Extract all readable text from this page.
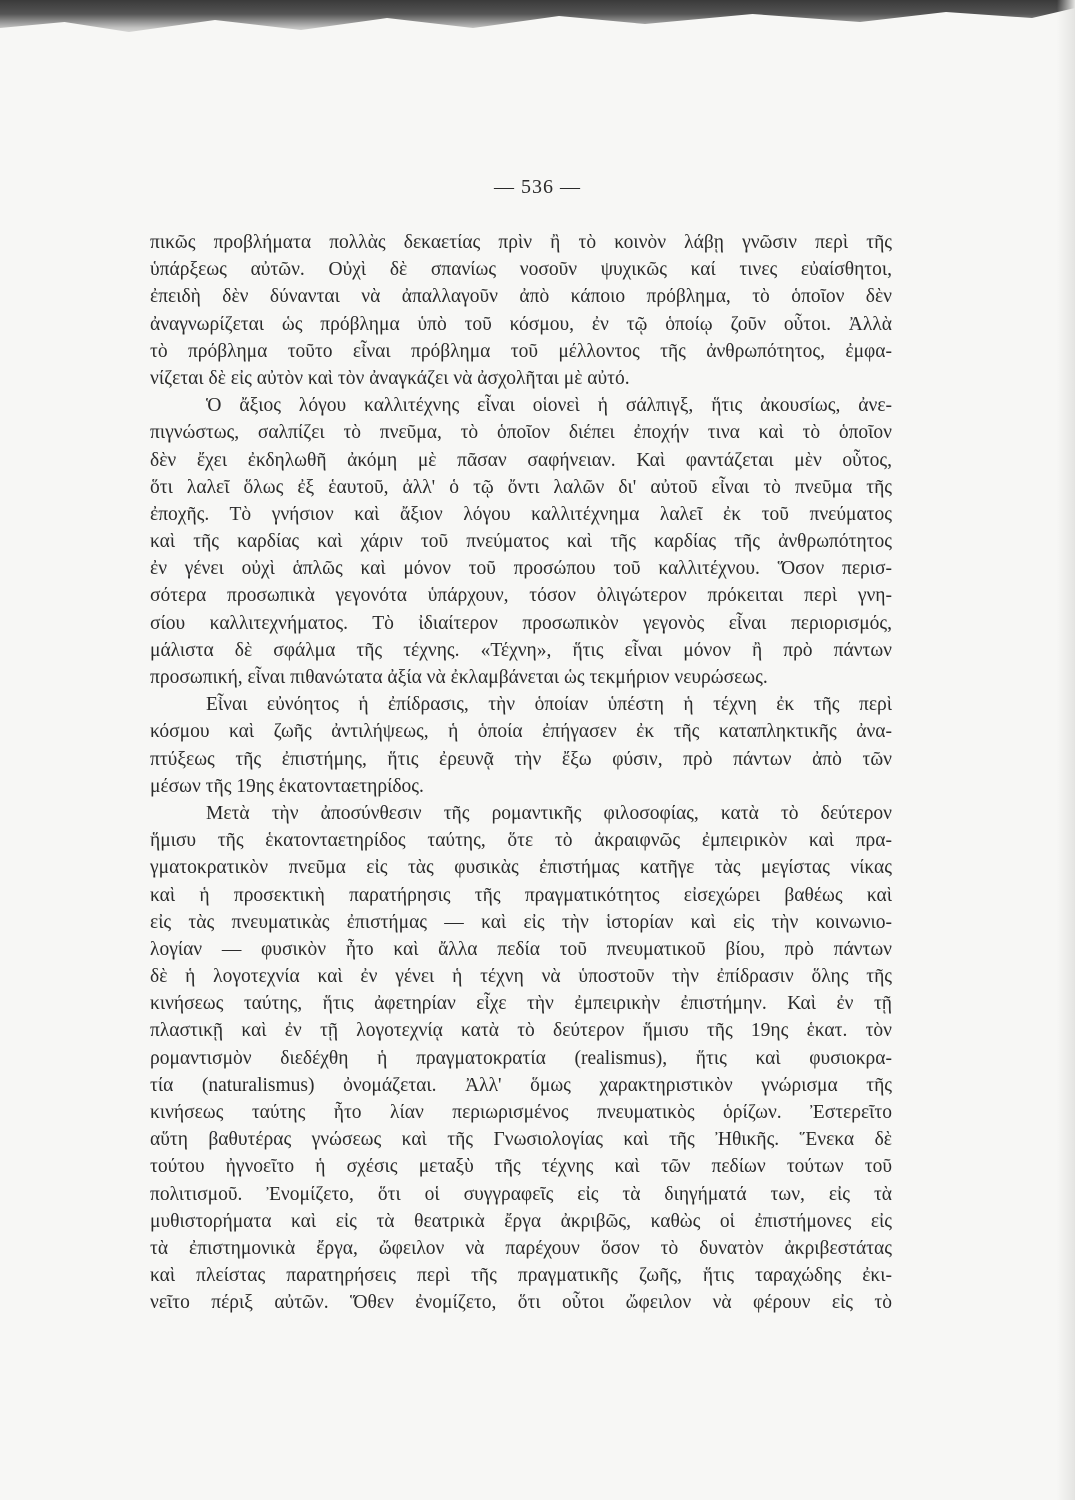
— 536 —
πικῶς προβλήματα πολλὰς δεκαετίας πρὶν ἢ τὸ κοινὸν λάβῃ γνῶσιν περὶ τῆς
ὑπάρξεως αὐτῶν. Οὐχὶ δὲ σπανίως νοσοῦν ψυχικῶς καί τινες εὐαίσθητοι,
ἐπειδὴ δὲν δύνανται νὰ ἀπαλλαγοῦν ἀπὸ κάποιο πρόβλημα, τὸ ὁποῖον δὲν
ἀναγνωρίζεται ὡς πρόβλημα ὑπὸ τοῦ κόσμου, ἐν τῷ ὁποίῳ ζοῦν οὗτοι. Ἀλλὰ
τὸ πρόβλημα τοῦτο εἶναι πρόβλημα τοῦ μέλλοντος τῆς ἀνθρωπότητος, ἐμφα-
νίζεται δὲ εἰς αὐτὸν καὶ τὸν ἀναγκάζει νὰ ἀσχολῆται μὲ αὐτό.
Ὁ ἄξιος λόγου καλλιτέχνης εἶναι οἱονεὶ ἡ σάλπιγξ, ἥτις ἀκουσίως, ἀνε-
πιγνώστως, σαλπίζει τὸ πνεῦμα, τὸ ὁποῖον διέπει ἐποχήν τινα καὶ τὸ ὁποῖον
δὲν ἔχει ἐκδηλωθῆ ἀκόμη μὲ πᾶσαν σαφήνειαν. Καὶ φαντάζεται μὲν οὗτος,
ὅτι λαλεῖ ὅλως ἐξ ἑαυτοῦ, ἀλλ' ὁ τῷ ὄντι λαλῶν δι' αὐτοῦ εἶναι τὸ πνεῦμα τῆς
ἐποχῆς. Τὸ γνήσιον καὶ ἄξιον λόγου καλλιτέχνημα λαλεῖ ἐκ τοῦ πνεύματος
καὶ τῆς καρδίας καὶ χάριν τοῦ πνεύματος καὶ τῆς καρδίας τῆς ἀνθρωπότητος
ἐν γένει οὐχὶ ἁπλῶς καὶ μόνον τοῦ προσώπου τοῦ καλλιτέχνου. Ὅσον περισ-
σότερα προσωπικὰ γεγονότα ὑπάρχουν, τόσον ὀλιγώτερον πρόκειται περὶ γνη-
σίου καλλιτεχνήματος. Τὸ ἰδιαίτερον προσωπικὸν γεγονὸς εἶναι περιορισμός,
μάλιστα δὲ σφάλμα τῆς τέχνης. «Τέχνη», ἥτις εἶναι μόνον ἢ πρὸ πάντων
προσωπική, εἶναι πιθανώτατα ἀξία νὰ ἐκλαμβάνεται ὡς τεκμήριον νευρώσεως.
Εἶναι εὐνόητος ἡ ἐπίδρασις, τὴν ὁποίαν ὑπέστη ἡ τέχνη ἐκ τῆς περὶ
κόσμου καὶ ζωῆς ἀντιλήψεως, ἡ ὁποία ἐπήγασεν ἐκ τῆς καταπληκτικῆς ἀνα-
πτύξεως τῆς ἐπιστήμης, ἥτις ἐρευνᾷ τὴν ἔξω φύσιν, πρὸ πάντων ἀπὸ τῶν
μέσων τῆς 19ης ἑκατονταετηρίδος.
Μετὰ τὴν ἀποσύνθεσιν τῆς ρομαντικῆς φιλοσοφίας, κατὰ τὸ δεύτερον
ἥμισυ τῆς ἑκατονταετηρίδος ταύτης, ὅτε τὸ ἀκραιφνῶς ἐμπειρικὸν καὶ πρα-
γματοκρατικὸν πνεῦμα εἰς τὰς φυσικὰς ἐπιστήμας κατῆγε τὰς μεγίστας νίκας
καὶ ἡ προσεκτικὴ παρατήρησις τῆς πραγματικότητος εἰσεχώρει βαθέως καὶ
εἰς τὰς πνευματικὰς ἐπιστήμας — καὶ εἰς τὴν ἱστορίαν καὶ εἰς τὴν κοινωνιο-
λογίαν — φυσικὸν ἦτο καὶ ἄλλα πεδία τοῦ πνευματικοῦ βίου, πρὸ πάντων
δὲ ἡ λογοτεχνία καὶ ἐν γένει ἡ τέχνη νὰ ὑποστοῦν τὴν ἐπίδρασιν ὅλης τῆς
κινήσεως ταύτης, ἥτις ἀφετηρίαν εἶχε τὴν ἐμπειρικὴν ἐπιστήμην. Καὶ ἐν τῇ
πλαστικῇ καὶ ἐν τῇ λογοτεχνίᾳ κατὰ τὸ δεύτερον ἥμισυ τῆς 19ης ἑκατ. τὸν
ρομαντισμὸν διεδέχθη ἡ πραγματοκρατία (realismus), ἥτις καὶ φυσιοκρα-
τία (naturalismus) ὀνομάζεται. Ἀλλ' ὅμως χαρακτηριστικὸν γνώρισμα τῆς
κινήσεως ταύτης ἦτο λίαν περιωρισμένος πνευματικὸς ὁρίζων. Ἐστερεῖτο
αὕτη βαθυτέρας γνώσεως καὶ τῆς Γνωσιολογίας καὶ τῆς Ἠθικῆς. Ἕνεκα δὲ
τούτου ἠγνοεῖτο ἡ σχέσις μεταξὺ τῆς τέχνης καὶ τῶν πεδίων τούτων τοῦ
πολιτισμοῦ. Ἐνομίζετο, ὅτι οἱ συγγραφεῖς εἰς τὰ διηγήματά των, εἰς τὰ
μυθιστορήματα καὶ εἰς τὰ θεατρικὰ ἔργα ἀκριβῶς, καθὼς οἱ ἐπιστήμονες εἰς
τὰ ἐπιστημονικὰ ἔργα, ὤφειλον νὰ παρέχουν ὅσον τὸ δυνατὸν ἀκριβεστάτας
καὶ πλείστας παρατηρήσεις περὶ τῆς πραγματικῆς ζωῆς, ἥτις ταραχώδης ἐκι-
νεῖτο πέριξ αὐτῶν. Ὅθεν ἐνομίζετο, ὅτι οὗτοι ὤφειλον νὰ φέρουν εἰς τὸ
